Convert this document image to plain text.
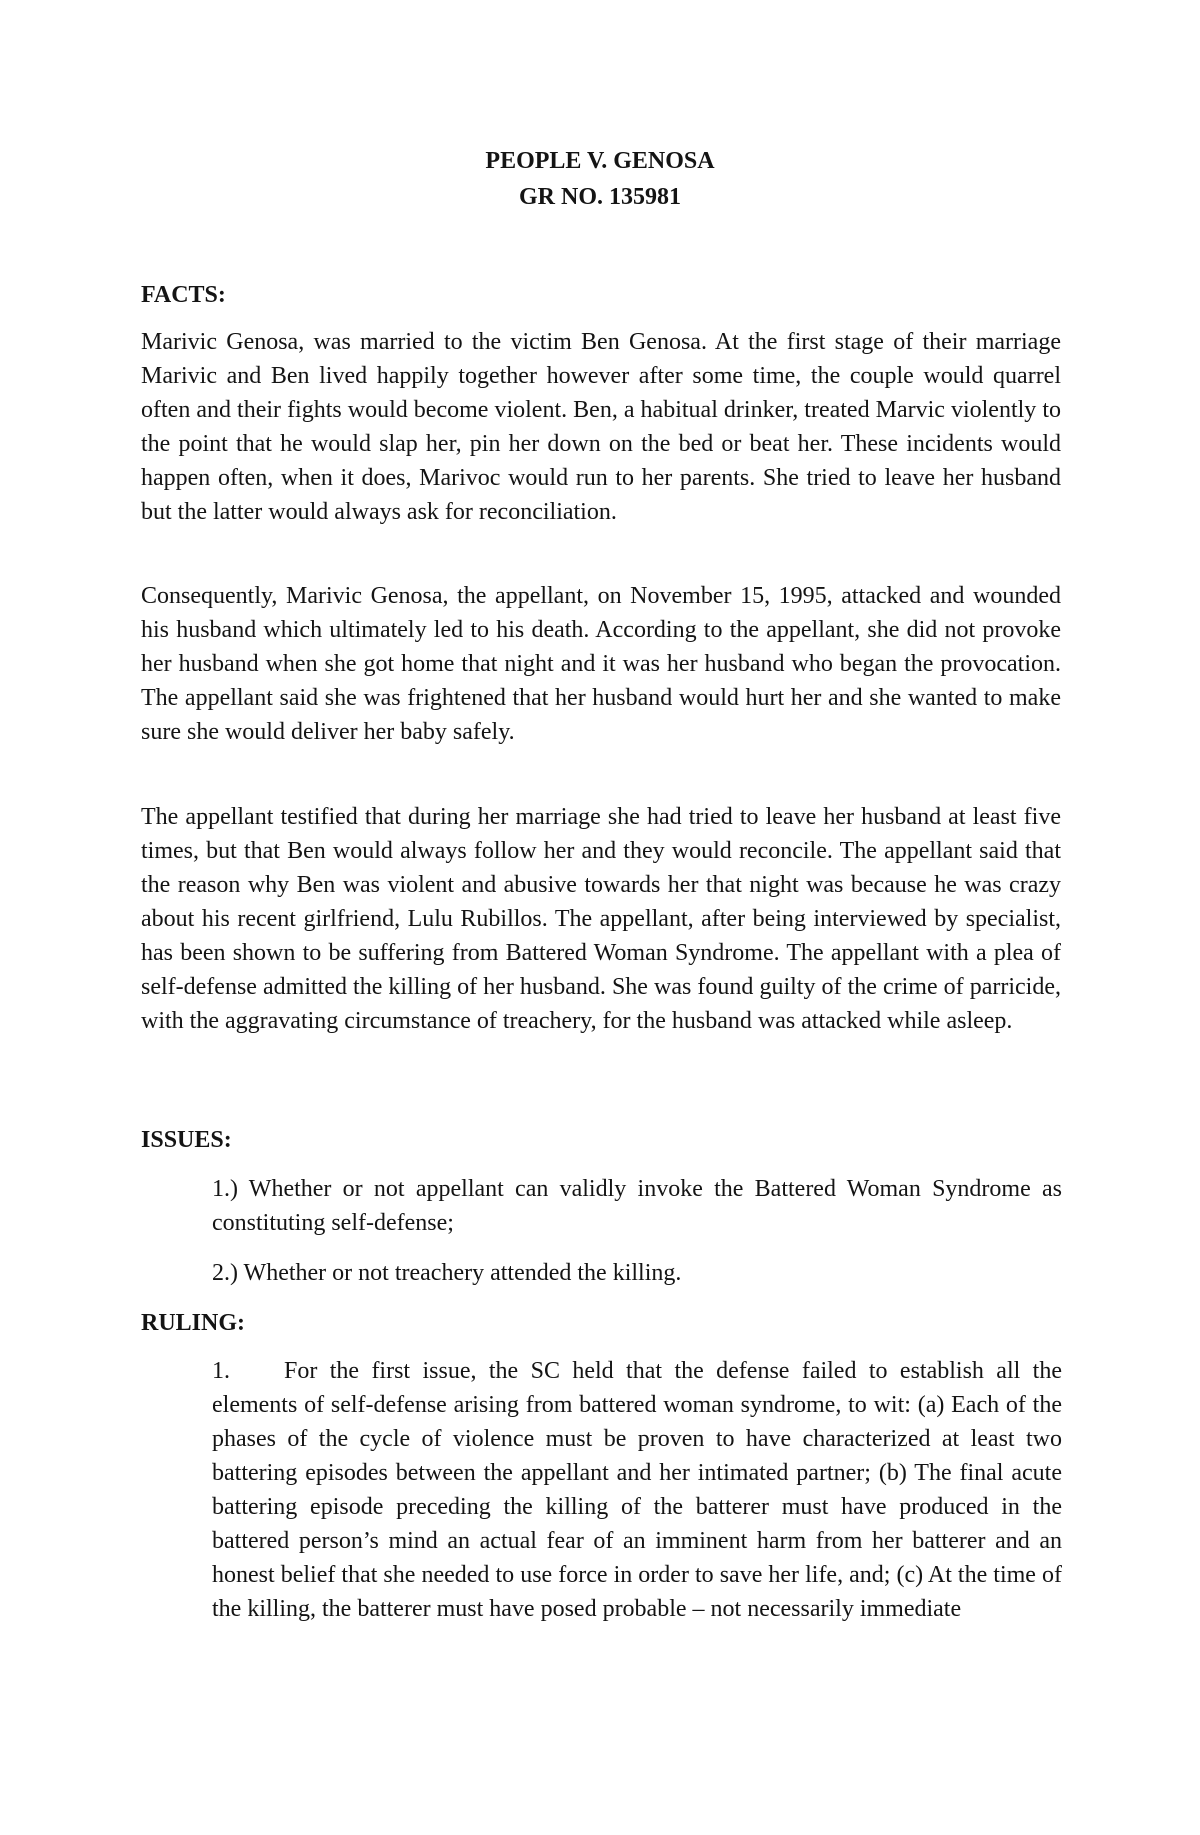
PEOPLE V. GENOSA
GR NO. 135981
FACTS:

Marivic Genosa, was married to the victim Ben Genosa. At the first stage of their marriage Marivic and Ben lived happily together however after some time, the couple would quarrel often and their fights would become violent. Ben, a habitual drinker, treated Marvic violently to the point that he would slap her, pin her down on the bed or beat her. These incidents would happen often, when it does, Marivoc would run to her parents. She tried to leave her husband but the latter would always ask for reconciliation.

Consequently, Marivic Genosa, the appellant, on November 15, 1995, attacked and wounded his husband which ultimately led to his death. According to the appellant, she did not provoke her husband when she got home that night and it was her husband who began the provocation. The appellant said she was frightened that her husband would hurt her and she wanted to make sure she would deliver her baby safely.

The appellant testified that during her marriage she had tried to leave her husband at least five times, but that Ben would always follow her and they would reconcile. The appellant said that the reason why Ben was violent and abusive towards her that night was because he was crazy about his recent girlfriend, Lulu Rubillos. The appellant, after being interviewed by specialist, has been shown to be suffering from Battered Woman Syndrome. The appellant with a plea of self-defense admitted the killing of her husband. She was found guilty of the crime of parricide, with the aggravating circumstance of treachery, for the husband was attacked while asleep.

ISSUES:

1.) Whether or not appellant can validly invoke the Battered Woman Syndrome as constituting self-defense;

2.) Whether or not treachery attended the killing.

RULING:

1. For the first issue, the SC held that the defense failed to establish all the elements of self-defense arising from battered woman syndrome, to wit: (a) Each of the phases of the cycle of violence must be proven to have characterized at least two battering episodes between the appellant and her intimated partner; (b) The final acute battering episode preceding the killing of the batterer must have produced in the battered person’s mind an actual fear of an imminent harm from her batterer and an honest belief that she needed to use force in order to save her life, and; (c) At the time of the killing, the batterer must have posed probable – not necessarily immediate
